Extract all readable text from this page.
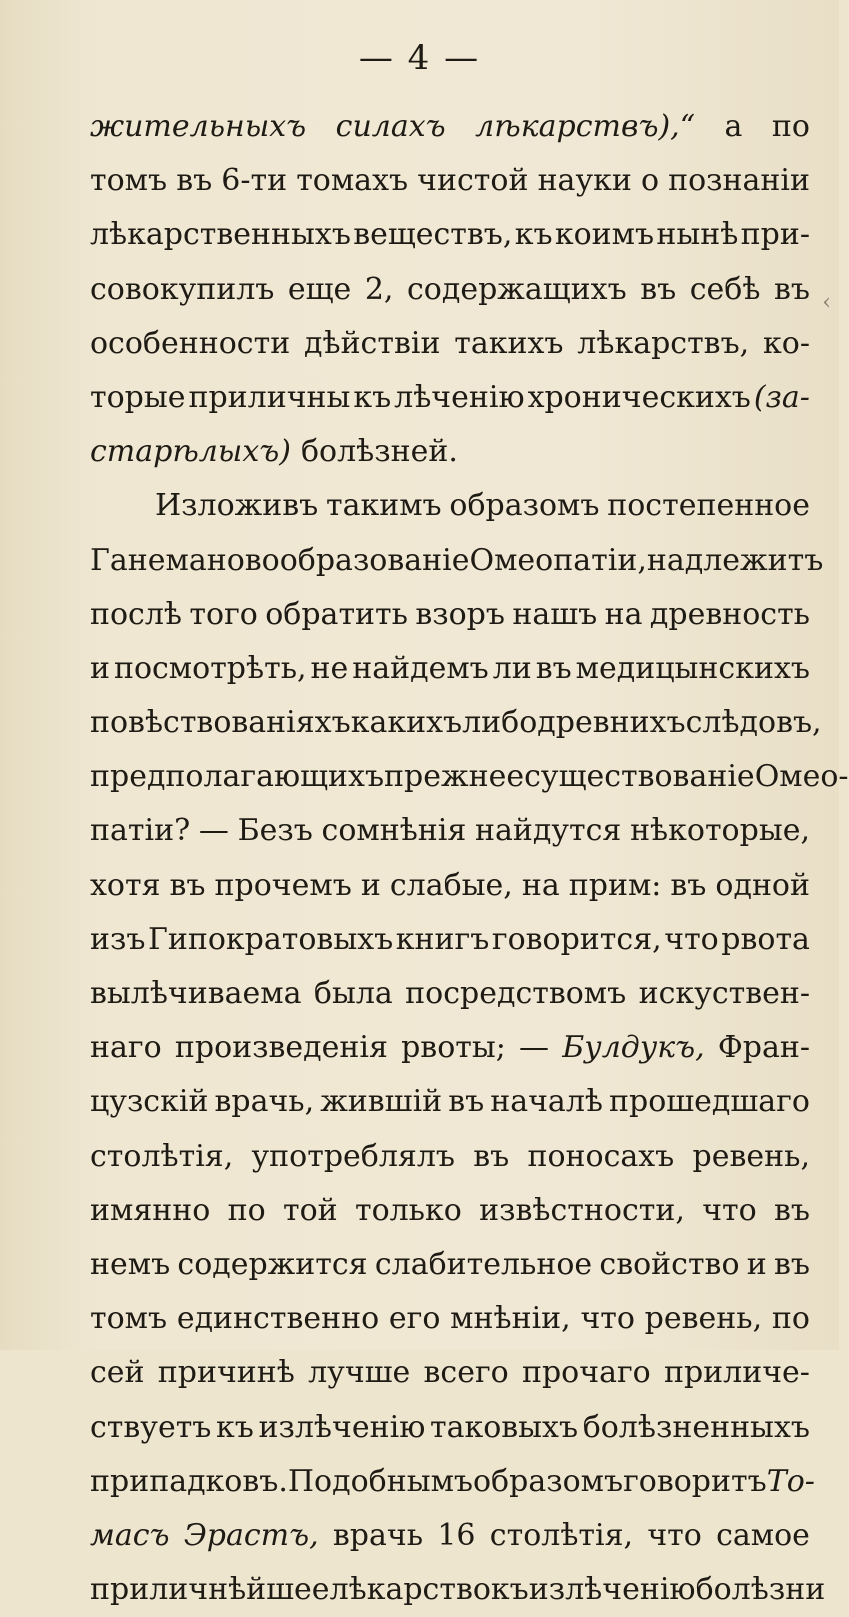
— 4 —
жительныхъ силахъ лѣкарствъ),“ а по
томъ въ 6-ти томахъ чистой науки о познаніи
лѣкарственныхъ веществъ, къ коимъ нынѣ при-
совокупилъ еще 2, содержащихъ въ себѣ въ
особенности дѣйствіи такихъ лѣкарствъ, ко-
торые приличны къ лѣченію хроническихъ (за-
старѣлыхъ) болѣзней.
Изложивъ такимъ образомъ постепенное
Ганеманово образованіе Омеопатіи, надлежитъ
послѣ того обратить взоръ нашъ на древность
и посмотрѣть, не найдемъ ли въ медицынскихъ
повѣствованіяхъ какихъ либо древнихъ слѣдовъ,
предполагающихъ прежнее существованіе Омео-
патіи? — Безъ сомнѣнія найдутся нѣкоторые,
хотя въ прочемъ и слабые, на прим: въ одной
изъ Гипократовыхъ книгъ говорится, что рвота
вылѣчиваема была посредствомъ искуствен-
наго произведенія рвоты; — Булдукъ, Фран-
цузскій врачь, жившій въ началѣ прошедшаго
столѣтія, употреблялъ въ поносахъ ревень,
имянно по той только извѣстности, что въ
немъ содержится слабительное свойство и въ
томъ единственно его мнѣніи, что ревень, по
сей причинѣ лучше всего прочаго приличе-
ствуетъ къ излѣченію таковыхъ болѣзненныхъ
припадковъ. Подобнымъ образомъ говоритъ То-
масъ Эрастъ, врачь 16 столѣтія, что самое
приличнѣйшее лѣкарство къ излѣченію болѣзни
‹
